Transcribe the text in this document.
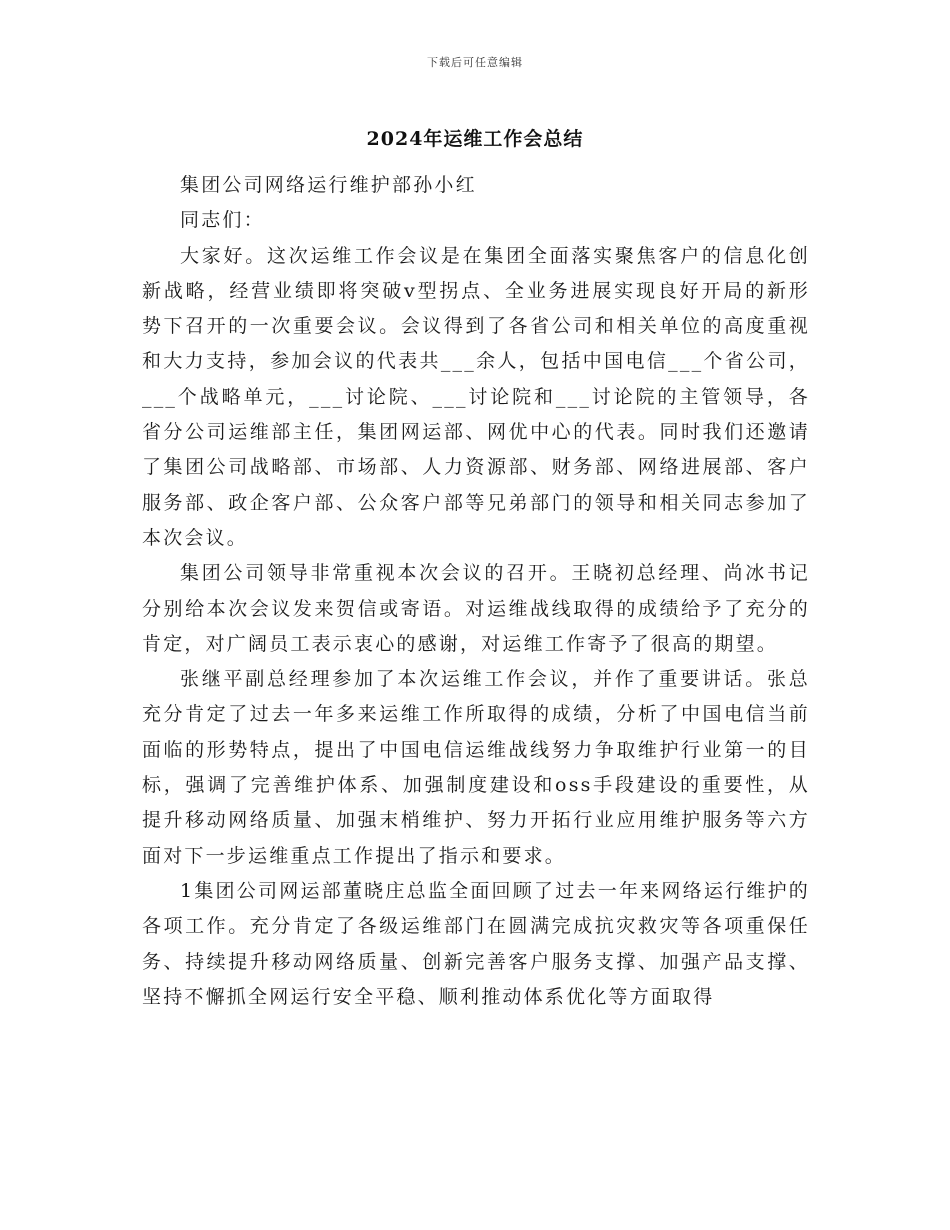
下载后可任意编辑
2024年运维工作会总结

集团公司网络运行维护部孙小红

同志们：

大家好。这次运维工作会议是在集团全面落实聚焦客户的信息化创新战略，经营业绩即将突破v型拐点、全业务进展实现良好开局的新形势下召开的一次重要会议。会议得到了各省公司和相关单位的高度重视和大力支持，参加会议的代表共___余人，包括中国电信___个省公司，___个战略单元，___讨论院、___讨论院和___讨论院的主管领导，各省分公司运维部主任，集团网运部、网优中心的代表。同时我们还邀请了集团公司战略部、市场部、人力资源部、财务部、网络进展部、客户服务部、政企客户部、公众客户部等兄弟部门的领导和相关同志参加了本次会议。

集团公司领导非常重视本次会议的召开。王晓初总经理、尚冰书记分别给本次会议发来贺信或寄语。对运维战线取得的成绩给予了充分的肯定，对广阔员工表示衷心的感谢，对运维工作寄予了很高的期望。

张继平副总经理参加了本次运维工作会议，并作了重要讲话。张总充分肯定了过去一年多来运维工作所取得的成绩，分析了中国电信当前面临的形势特点，提出了中国电信运维战线努力争取维护行业第一的目标，强调了完善维护体系、加强制度建设和oss手段建设的重要性，从提升移动网络质量、加强末梢维护、努力开拓行业应用维护服务等六方面对下一步运维重点工作提出了指示和要求。

1集团公司网运部董晓庄总监全面回顾了过去一年来网络运行维护的各项工作。充分肯定了各级运维部门在圆满完成抗灾救灾等各项重保任务、持续提升移动网络质量、创新完善客户服务支撑、加强产品支撑、坚持不懈抓全网运行安全平稳、顺利推动体系优化等方面取得
